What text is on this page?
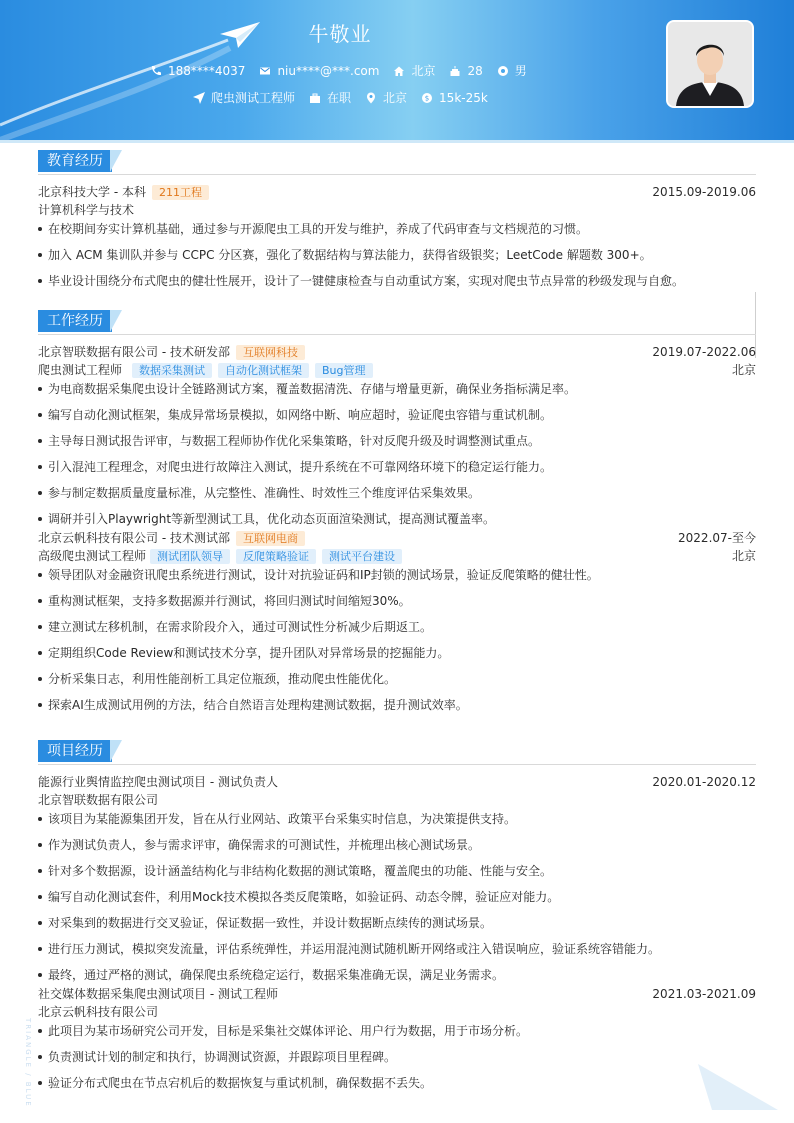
牛敬业
188****4037	niu****@***.com	北京	28	男
爬虫测试工程师	在职	北京	$ 15k-25k
教育经历
北京科技大学 - 本科	211工程	2015.09-2019.06
计算机科学与技术
在校期间夯实计算机基础，通过参与开源爬虫工具的开发与维护，养成了代码审查与文档规范的习惯。
加入 ACM 集训队并参与 CCPC 分区赛，强化了数据结构与算法能力，获得省级银奖；LeetCode 解题数 300+。
毕业设计围绕分布式爬虫的健壮性展开，设计了一键健康检查与自动重试方案，实现对爬虫节点异常的秒级发现与自愈。
工作经历
北京智联数据有限公司 - 技术研发部	互联网科技	2019.07-2022.06
爬虫测试工程师	数据采集测试	自动化测试框架	Bug管理	北京
为电商数据采集爬虫设计全链路测试方案，覆盖数据清洗、存储与增量更新，确保业务指标满足率。
编写自动化测试框架，集成异常场景模拟，如网络中断、响应超时，验证爬虫容错与重试机制。
主导每日测试报告评审，与数据工程师协作优化采集策略，针对反爬升级及时调整测试重点。
引入混沌工程理念，对爬虫进行故障注入测试，提升系统在不可靠网络环境下的稳定运行能力。
参与制定数据质量度量标准，从完整性、准确性、时效性三个维度评估采集效果。
调研并引入Playwright等新型测试工具，优化动态页面渲染测试，提高测试覆盖率。
北京云帆科技有限公司 - 技术测试部	互联网电商	2022.07-至今
高级爬虫测试工程师	测试团队领导	反爬策略验证	测试平台建设	北京
领导团队对金融资讯爬虫系统进行测试，设计对抗验证码和IP封锁的测试场景，验证反爬策略的健壮性。
重构测试框架，支持多数据源并行测试，将回归测试时间缩短30%。
建立测试左移机制，在需求阶段介入，通过可测试性分析减少后期返工。
定期组织Code Review和测试技术分享，提升团队对异常场景的挖掘能力。
分析采集日志，利用性能剖析工具定位瓶颈，推动爬虫性能优化。
探索AI生成测试用例的方法，结合自然语言处理构建测试数据，提升测试效率。
项目经历
能源行业舆情监控爬虫测试项目 - 测试负责人	2020.01-2020.12
北京智联数据有限公司
该项目为某能源集团开发，旨在从行业网站、政策平台采集实时信息，为决策提供支持。
作为测试负责人，参与需求评审，确保需求的可测试性，并梳理出核心测试场景。
针对多个数据源，设计涵盖结构化与非结构化数据的测试策略，覆盖爬虫的功能、性能与安全。
编写自动化测试套件，利用Mock技术模拟各类反爬策略，如验证码、动态令牌，验证应对能力。
对采集到的数据进行交叉验证，保证数据一致性，并设计数据断点续传的测试场景。
进行压力测试，模拟突发流量，评估系统弹性，并运用混沌测试随机断开网络或注入错误响应，验证系统容错能力。
最终，通过严格的测试，确保爬虫系统稳定运行，数据采集准确无误，满足业务需求。
社交媒体数据采集爬虫测试项目 - 测试工程师	2021.03-2021.09
北京云帆科技有限公司
此项目为某市场研究公司开发，目标是采集社交媒体评论、用户行为数据，用于市场分析。
负责测试计划的制定和执行，协调测试资源，并跟踪项目里程碑。
验证分布式爬虫在节点宕机后的数据恢复与重试机制，确保数据不丢失。
TRIANGLE / BLUE
